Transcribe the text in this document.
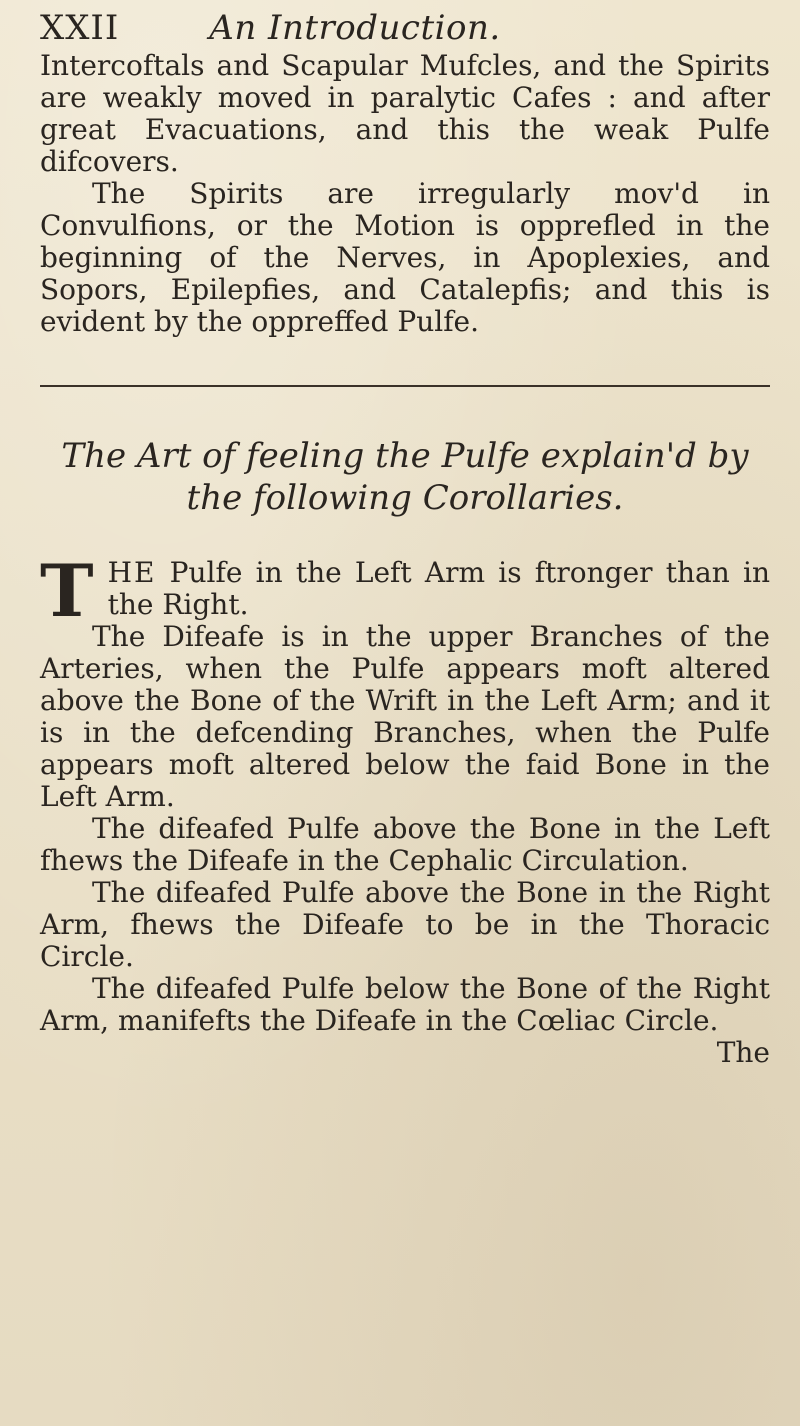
XXII	An Introduction.

Intercoftals and Scapular Mufcles, and the Spirits are weakly moved in paralytic Cafes : and after great Evacuations, and this the weak Pulfe difcovers.

The Spirits are irregularly mov'd in Convulfions, or the Motion is opprefled in the beginning of the Nerves, in Apoplexies, and Sopors, Epilepfies, and Catalepfis; and this is evident by the oppreffed Pulfe.

The Art of feeling the Pulfe explain'd by
the following Corollaries.

THE Pulfe in the Left Arm is ftronger than in the Right.

The Difeafe is in the upper Branches of the Arteries, when the Pulfe appears moft altered above the Bone of the Wrift in the Left Arm; and it is in the defcending Branches, when the Pulfe appears moft altered below the faid Bone in the Left Arm.

The difeafed Pulfe above the Bone in the Left fhews the Difeafe in the Cephalic Circulation.

The difeafed Pulfe above the Bone in the Right Arm, fhews the Difeafe to be in the Thoracic Circle.

The difeafed Pulfe below the Bone of the Right Arm, manifefts the Difeafe in the Cœliac Circle.

The
